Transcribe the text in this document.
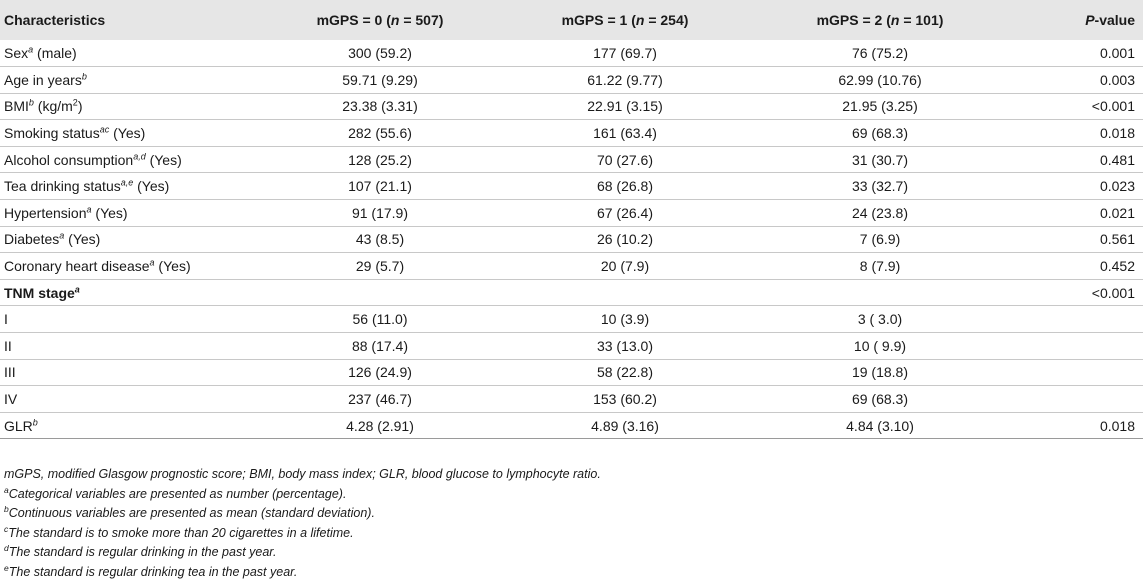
Characteristics	mGPS = 0 (n = 507)	mGPS = 1 (n = 254)	mGPS = 2 (n = 101)	P-value
Sex$^a$ (male)	300 (59.2)	177 (69.7)	76 (75.2)	0.001
Age in years$^b$	59.71 (9.29)	61.22 (9.77)	62.99 (10.76)	0.003
BMI$^b$ $(kg/m^2)$	23.38 (3.31)	22.91 (3.15)	21.95 (3.25)	<0.001
Smoking status$^{ac}$ (Yes)	282 (55.6)	161 (63.4)	69 (68.3)	0.018
Alcohol consumption$^{a,d}$ (Yes)	128 (25.2)	70 (27.6)	31 (30.7)	0.481
Tea drinking status$^{a,e}$ (Yes)	107 (21.1)	68 (26.8)	33 (32.7)	0.023
Hypertension$^a$ (Yes)	91 (17.9)	67 (26.4)	24 (23.8)	0.021
Diabetes$^a$ (Yes)	43 (8.5)	26 (10.2)	7 (6.9)	0.561
Coronary heart disease$^a$ (Yes)	29 (5.7)	20 (7.9)	8 (7.9)	0.452
TNM stage$^a$				<0.001
I	56 (11.0)	10 (3.9)	3 ( 3.0)	
II	88 (17.4)	33 (13.0)	10 ( 9.9)	
III	126 (24.9)	58 (22.8)	19 (18.8)	
IV	237 (46.7)	153 (60.2)	69 (68.3)	
GLR$^b$	4.28 (2.91)	4.89 (3.16)	4.84 (3.10)	0.018
mGPS, modified Glasgow prognostic score; BMI, body mass index; GLR, blood glucose to lymphocyte ratio.
$^a$Categorical variables are presented as number (percentage).
$^b$Continuous variables are presented as mean (standard deviation).
$^c$The standard is to smoke more than 20 cigarettes in a lifetime.
$^d$The standard is regular drinking in the past year.
$^e$The standard is regular drinking tea in the past year.
